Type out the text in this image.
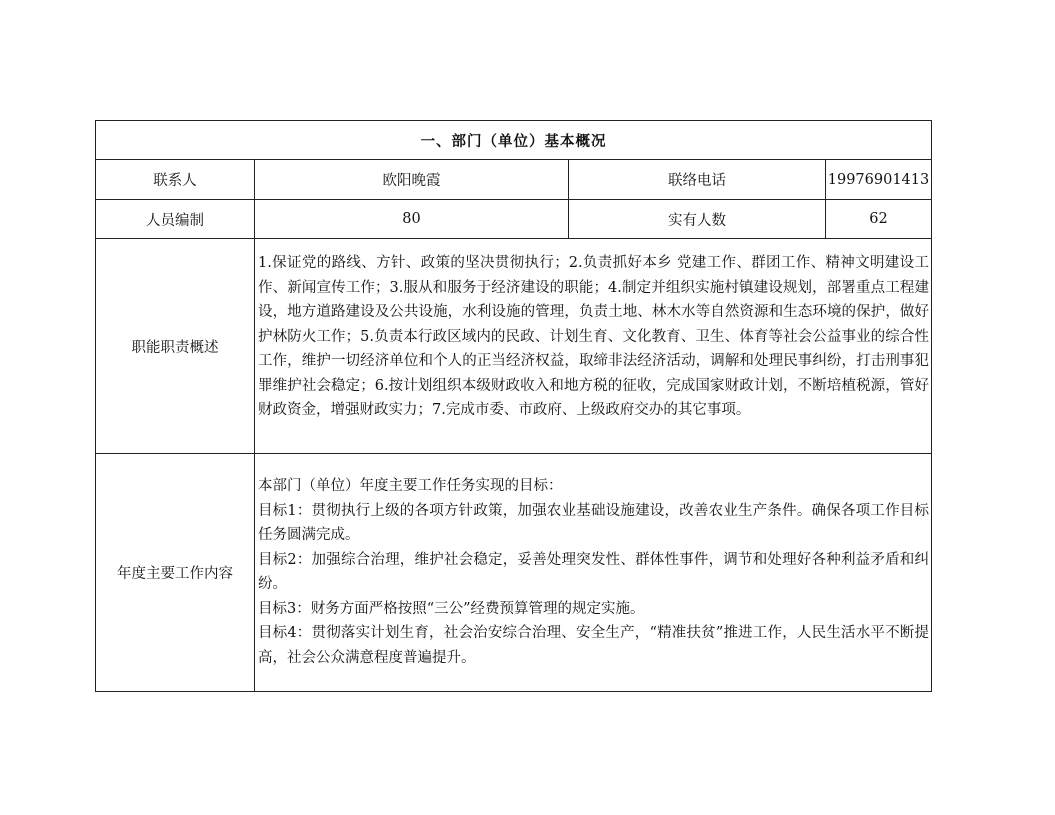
一、部门（单位）基本概况			
联系人	欧阳晚霞	联络电话	19976901413
人员编制	80	实有人数	62
职能职责概述	1.保证党的路线、方针、政策的坚决贯彻执行；2.负责抓好本乡 党建工作、群团工作、精神文明建设工作、新闻宣传工作；3.服从和服务于经济建设的职能；4.制定并组织实施村镇建设规划，部署重点工程建设，地方道路建设及公共设施，水利设施的管理，负责土地、林木水等自然资源和生态环境的保护，做好护林防火工作；5.负责本行政区域内的民政、计划生育、文化教育、卫生、体育等社会公益事业的综合性工作，维护一切经济单位和个人的正当经济权益，取缔非法经济活动，调解和处理民事纠纷，打击刑事犯罪维护社会稳定；6.按计划组织本级财政收入和地方税的征收，完成国家财政计划，不断培植税源，管好财政资金，增强财政实力；7.完成市委、市政府、上级政府交办的其它事项。		
年度主要工作内容	本部门（单位）年度主要工作任务实现的目标：
目标1：贯彻执行上级的各项方针政策，加强农业基础设施建设，改善农业生产条件。确保各项工作目标任务圆满完成。
目标2：加强综合治理，维护社会稳定，妥善处理突发性、群体性事件，调节和处理好各种利益矛盾和纠纷。
目标3：财务方面严格按照“三公”经费预算管理的规定实施。
目标4：贯彻落实计划生育，社会治安综合治理、安全生产，“精准扶贫”推进工作，人民生活水平不断提高，社会公众满意程度普遍提升。		
